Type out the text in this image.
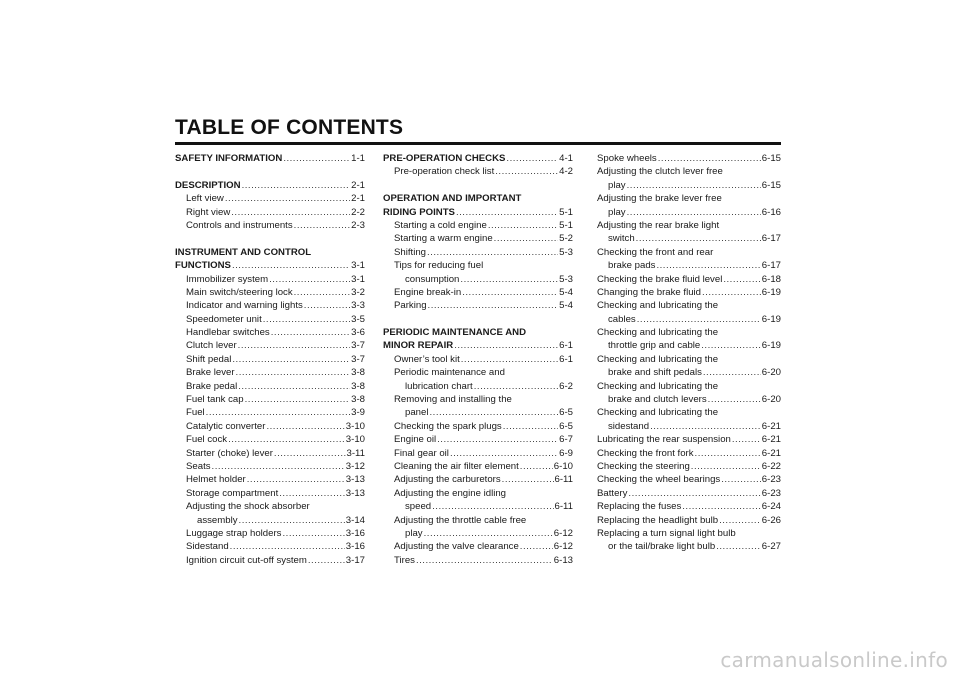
TABLE OF CONTENTS
SAFETY INFORMATION .....	1-1
DESCRIPTION .....	2-1
Left view .....	2-1
Right view .....	2-2
Controls and instruments .....	2-3
INSTRUMENT AND CONTROL
FUNCTIONS .....	3-1
Immobilizer system .....	3-1
Main switch/steering lock .....	3-2
Indicator and warning lights .....	3-3
Speedometer unit .....	3-5
Handlebar switches .....	3-6
Clutch lever .....	3-7
Shift pedal .....	3-7
Brake lever .....	3-8
Brake pedal .....	3-8
Fuel tank cap .....	3-8
Fuel .....	3-9
Catalytic converter .....	3-10
Fuel cock .....	3-10
Starter (choke) lever .....	3-11
Seats .....	3-12
Helmet holder .....	3-13
Storage compartment .....	3-13
Adjusting the shock absorber
assembly .....	3-14
Luggage strap holders .....	3-16
Sidestand .....	3-16
Ignition circuit cut-off system .....	3-17
PRE-OPERATION CHECKS .....	4-1
Pre-operation check list .....	4-2
OPERATION AND IMPORTANT
RIDING POINTS .....	5-1
Starting a cold engine .....	5-1
Starting a warm engine .....	5-2
Shifting .....	5-3
Tips for reducing fuel
consumption .....	5-3
Engine break-in .....	5-4
Parking .....	5-4
PERIODIC MAINTENANCE AND
MINOR REPAIR .....	6-1
Owner’s tool kit .....	6-1
Periodic maintenance and
lubrication chart .....	6-2
Removing and installing the
panel .....	6-5
Checking the spark plugs .....	6-5
Engine oil .....	6-7
Final gear oil .....	6-9
Cleaning the air filter element .....	6-10
Adjusting the carburetors .....	6-11
Adjusting the engine idling
speed .....	6-11
Adjusting the throttle cable free
play .....	6-12
Adjusting the valve clearance .....	6-12
Tires .....	6-13
Spoke wheels .....	6-15
Adjusting the clutch lever free
play .....	6-15
Adjusting the brake lever free
play .....	6-16
Adjusting the rear brake light
switch .....	6-17
Checking the front and rear
brake pads .....	6-17
Checking the brake fluid level .....	6-18
Changing the brake fluid .....	6-19
Checking and lubricating the
cables .....	6-19
Checking and lubricating the
throttle grip and cable .....	6-19
Checking and lubricating the
brake and shift pedals .....	6-20
Checking and lubricating the
brake and clutch levers .....	6-20
Checking and lubricating the
sidestand .....	6-21
Lubricating the rear suspension .....	6-21
Checking the front fork .....	6-21
Checking the steering .....	6-22
Checking the wheel bearings .....	6-23
Battery .....	6-23
Replacing the fuses .....	6-24
Replacing the headlight bulb .....	6-26
Replacing a turn signal light bulb
or the tail/brake light bulb .....	6-27
carmanualsonline.info
